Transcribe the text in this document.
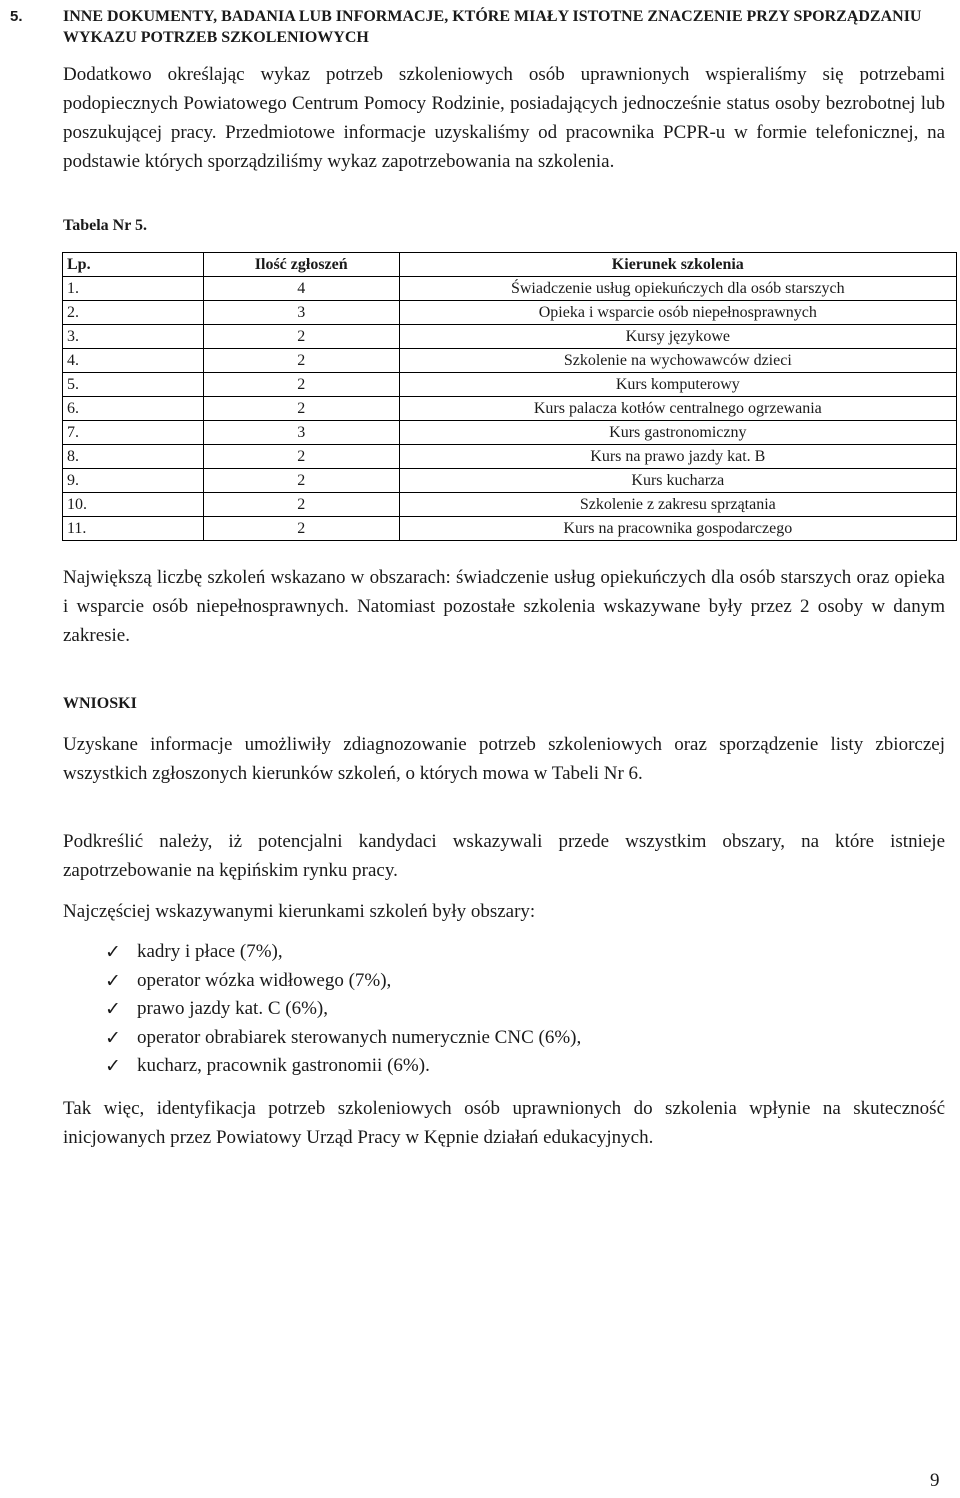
5.	INNE DOKUMENTY, BADANIA LUB INFORMACJE, KTÓRE MIAŁY ISTOTNE ZNACZENIE PRZY SPORZĄDZANIU WYKAZU POTRZEB SZKOLENIOWYCH

Dodatkowo określając wykaz potrzeb szkoleniowych osób uprawnionych wspieraliśmy się potrzebami podopiecznych Powiatowego Centrum Pomocy Rodzinie, posiadających jednocześnie status osoby bezrobotnej lub poszukującej pracy. Przedmiotowe informacje uzyskaliśmy od pracownika PCPR-u w formie telefonicznej, na podstawie których sporządziliśmy wykaz zapotrzebowania na szkolenia.

Tabela Nr 5.
Lp.	Ilość zgłoszeń	Kierunek szkolenia
1.	4	Świadczenie usług opiekuńczych dla osób starszych
2.	3	Opieka i wsparcie osób niepełnosprawnych
3.	2	Kursy językowe
4.	2	Szkolenie na wychowawców dzieci
5.	2	Kurs komputerowy
6.	2	Kurs palacza kotłów centralnego ogrzewania
7.	3	Kurs gastronomiczny
8.	2	Kurs na prawo jazdy kat. B
9.	2	Kurs kucharza
10.	2	Szkolenie z zakresu sprzątania
11.	2	Kurs na pracownika gospodarczego

Największą liczbę szkoleń wskazano w obszarach: świadczenie usług opiekuńczych dla osób starszych oraz opieka i wsparcie osób niepełnosprawnych. Natomiast pozostałe szkolenia wskazywane były przez 2 osoby w danym zakresie.

WNIOSKI

Uzyskane informacje umożliwiły zdiagnozowanie potrzeb szkoleniowych oraz sporządzenie listy zbiorczej wszystkich zgłoszonych kierunków szkoleń, o których mowa w Tabeli Nr 6.

Podkreślić należy, iż potencjalni kandydaci wskazywali przede wszystkim obszary, na które istnieje zapotrzebowanie na kępińskim rynku pracy.

Najczęściej wskazywanymi kierunkami szkoleń były obszary:

✓ kadry i płace (7%),
✓ operator wózka widłowego (7%),
✓ prawo jazdy kat. C (6%),
✓ operator obrabiarek sterowanych numerycznie CNC (6%),
✓ kucharz, pracownik gastronomii (6%).

Tak więc, identyfikacja potrzeb szkoleniowych osób uprawnionych do szkolenia wpłynie na skuteczność inicjowanych przez Powiatowy Urząd Pracy w Kępnie działań edukacyjnych.

9
